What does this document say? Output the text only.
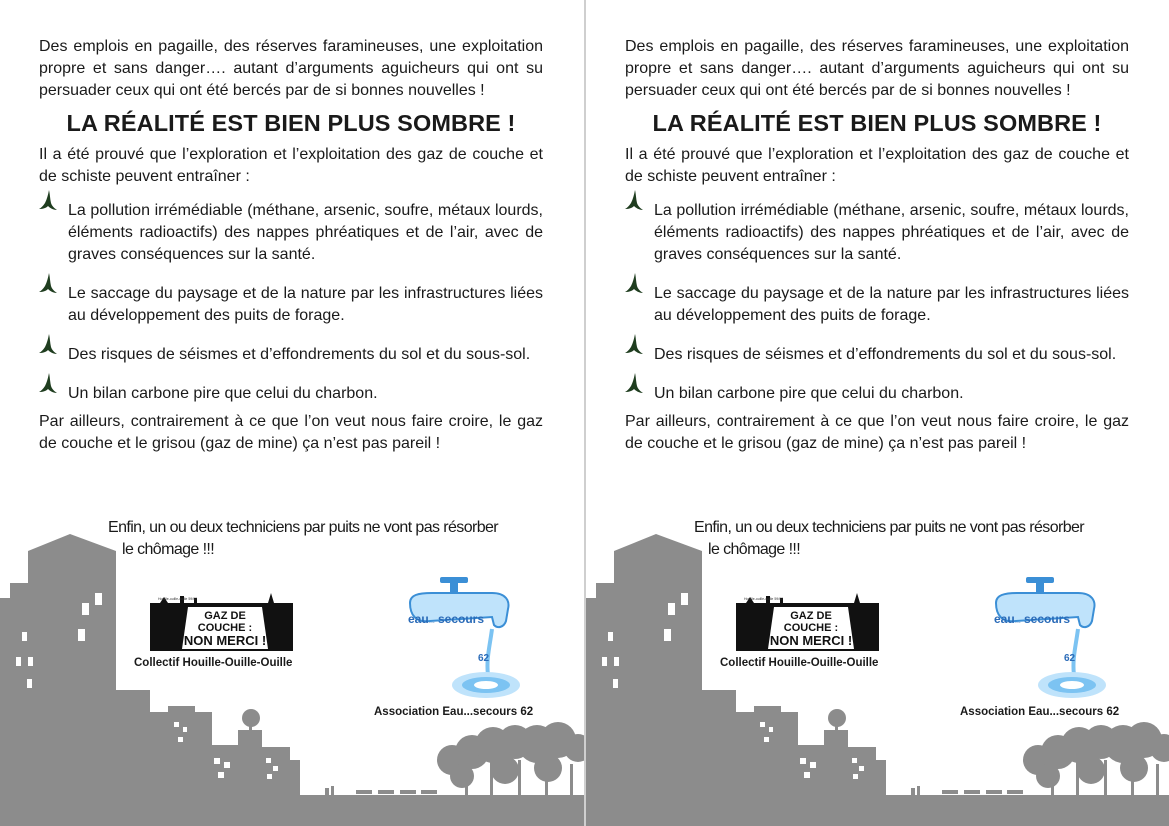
Des emplois en pagaille, des réserves faramineuses, une exploitation propre et sans danger…. autant d’arguments aguicheurs qui ont su persuader ceux qui ont été bercés par de si bonnes nouvelles !

LA RÉALITÉ EST BIEN PLUS SOMBRE !

Il a été prouvé que l’exploration et l’exploitation des gaz de couche et de schiste peuvent entraîner :

La pollution irrémédiable (méthane, arsenic, soufre, métaux lourds, éléments radioactifs) des nappes phréatiques et de l’air, avec de graves conséquences sur la santé.
Le saccage du paysage et de la nature par les infrastructures liées au développement des puits de forage.
Des risques de séismes et d’effondrements du sol et du sous-sol.
Un bilan carbone pire que celui du charbon.

Par ailleurs, contrairement à ce que l’on veut nous faire croire, le gaz de couche et le grisou (gaz de mine) ça n’est pas pareil !

Enfin, un ou deux techniciens par puits ne vont pas résorber
le chômage !!!
Houille-ouille-ouille 59/62
GAZ DE
COUCHE :
NON MERCI !
Collectif Houille-Ouille-Ouille
eau ... secours
62
Association Eau...secours 62

Des emplois en pagaille, des réserves faramineuses, une exploitation propre et sans danger…. autant d’arguments aguicheurs qui ont su persuader ceux qui ont été bercés par de si bonnes nouvelles !

LA RÉALITÉ EST BIEN PLUS SOMBRE !

Il a été prouvé que l’exploration et l’exploitation des gaz de couche et de schiste peuvent entraîner :

La pollution irrémédiable (méthane, arsenic, soufre, métaux lourds, éléments radioactifs) des nappes phréatiques et de l’air, avec de graves conséquences sur la santé.
Le saccage du paysage et de la nature par les infrastructures liées au développement des puits de forage.
Des risques de séismes et d’effondrements du sol et du sous-sol.
Un bilan carbone pire que celui du charbon.

Par ailleurs, contrairement à ce que l’on veut nous faire croire, le gaz de couche et le grisou (gaz de mine) ça n’est pas pareil !

Enfin, un ou deux techniciens par puits ne vont pas résorber
le chômage !!!
Houille-ouille-ouille 59/62
GAZ DE
COUCHE :
NON MERCI !
Collectif Houille-Ouille-Ouille
eau ... secours
62
Association Eau...secours 62
